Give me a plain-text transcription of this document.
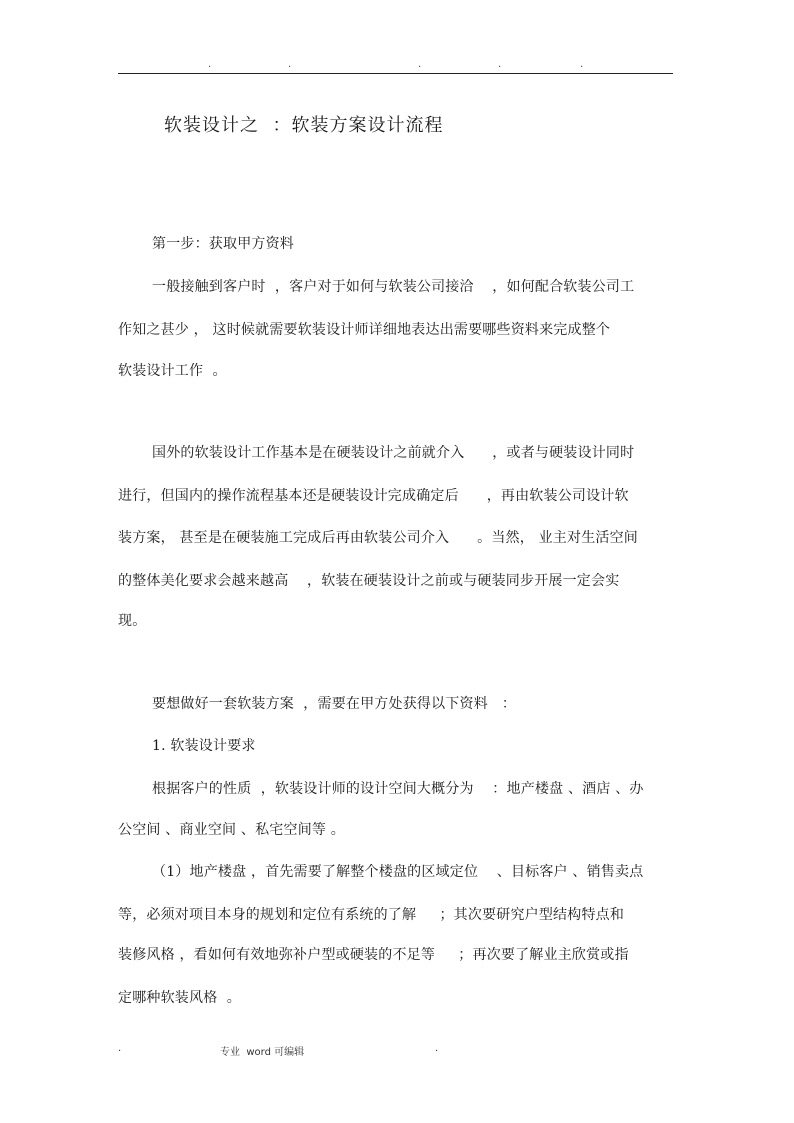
.	.	.	.	.
软装设计之  ：软装方案设计流程
第一步：获取甲方资料
一般接触到客户时  ，客户对于如何与软装公司接洽    ，如何配合软装公司工
作知之甚少 ， 这时候就需要软装设计师详细地表达出需要哪些资料来完成整个
软装设计工作  。
国外的软装设计工作基本是在硬装设计之前就介入      ，或者与硬装设计同时
进行，但国内的操作流程基本还是硬装设计完成确定后      ，再由软装公司设计软
装方案， 甚至是在硬装施工完成后再由软装公司介入      。当然， 业主对生活空间
的整体美化要求会越来越高    ，软装在硬装设计之前或与硬装同步开展一定会实
现。
要想做好一套软装方案  ，需要在甲方处获得以下资料   ：
1. 软装设计要求
根据客户的性质  ，软装设计师的设计空间大概分为    ：地产楼盘 、酒店 、办
公空间 、商业空间 、私宅空间等 。
（1）地产楼盘 ，首先需要了解整个楼盘的区域定位    、目标客户 、销售卖点
等，必须对项目本身的规划和定位有系统的了解     ；其次要研究户型结构特点和
装修风格 ，看如何有效地弥补户型或硬装的不足等     ；再次要了解业主欣赏或指
定哪种软装风格  。
.	专业  word 可编辑	.
